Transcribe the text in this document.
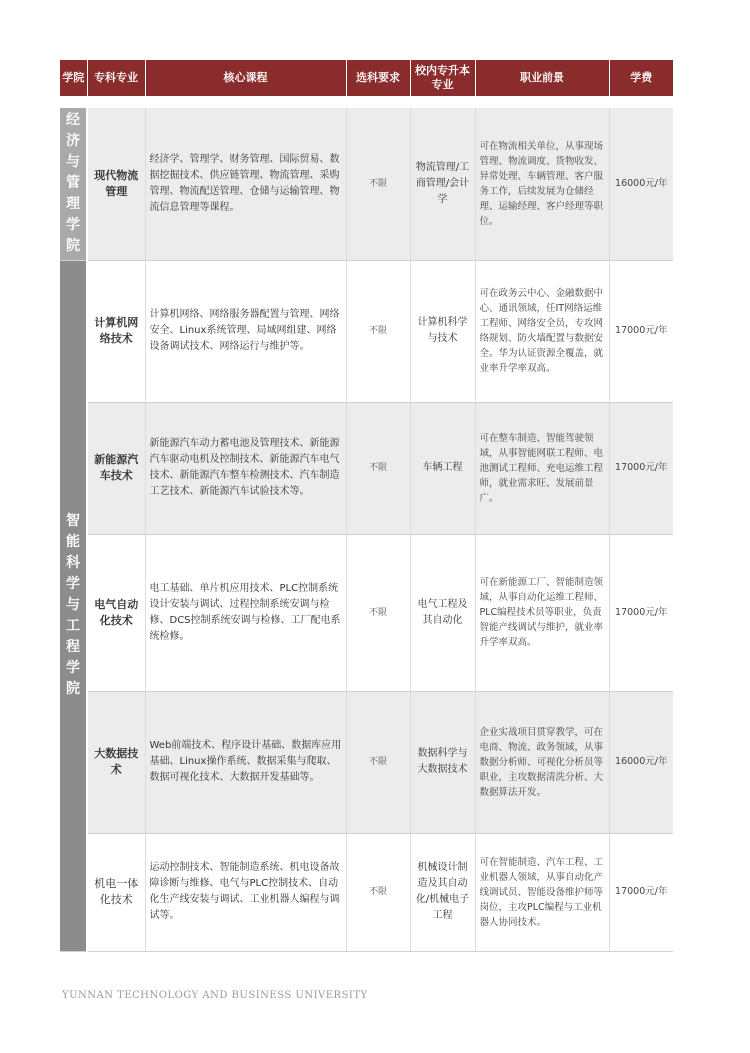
学院	专科专业	核心课程	选科要求	校内专升本专业	职业前景	学费

经济与管理学院	现代物流管理	经济学、管理学、财务管理、国际贸易、数据挖掘技术、供应链管理、物流管理、采购管理、物流配送管理、仓储与运输管理、物流信息管理等课程。	不限	物流管理/工商管理/会计学	可在物流相关单位，从事现场管理、物流调度、货物收发、异常处理、车辆管理、客户服务工作，后续发展为仓储经理、运输经理、客户经理等职位。	16000元/年
智能科学与工程学院	计算机网络技术	计算机网络、网络服务器配置与管理、网络安全、Linux系统管理、局域网组建、网络设备调试技术、网络运行与维护等。	不限	计算机科学与技术	可在政务云中心、金融数据中心、通讯领域，任IT网络运维工程师、网络安全员，专攻网络规划、防火墙配置与数据安全。华为认证资源全覆盖，就业率升学率双高。	17000元/年
	新能源汽车技术	新能源汽车动力蓄电池及管理技术、新能源汽车驱动电机及控制技术、新能源汽车电气技术、新能源汽车整车检测技术、汽车制造工艺技术、新能源汽车试验技术等。	不限	车辆工程	可在整车制造、智能驾驶领域，从事智能网联工程师、电池测试工程师、充电运维工程师，就业需求旺、发展前景广。	17000元/年
	电气自动化技术	电工基础、单片机应用技术、PLC控制系统设计安装与调试、过程控制系统安调与检修、DCS控制系统安调与检修、工厂配电系统检修。	不限	电气工程及其自动化	可在新能源工厂、智能制造领域，从事自动化运维工程师、PLC编程技术员等职业，负责智能产线调试与维护，就业率升学率双高。	17000元/年
	大数据技术	Web前端技术、程序设计基础、数据库应用基础、Linux操作系统、数据采集与爬取、数据可视化技术、大数据开发基础等。	不限	数据科学与大数据技术	企业实战项目贯穿教学，可在电商、物流、政务领域，从事数据分析师、可视化分析员等职业，主攻数据清洗分析、大数据算法开发。	16000元/年
	机电一体化技术	运动控制技术、智能制造系统、机电设备故障诊断与维修、电气与PLC控制技术、自动化生产线安装与调试、工业机器人编程与调试等。	不限	机械设计制造及其自动化/机械电子工程	可在智能制造、汽车工程、工业机器人领域，从事自动化产线调试员、智能设备维护师等岗位，主攻PLC编程与工业机器人协同技术。	17000元/年
YUNNAN TECHNOLOGY AND BUSINESS UNIVERSITY
